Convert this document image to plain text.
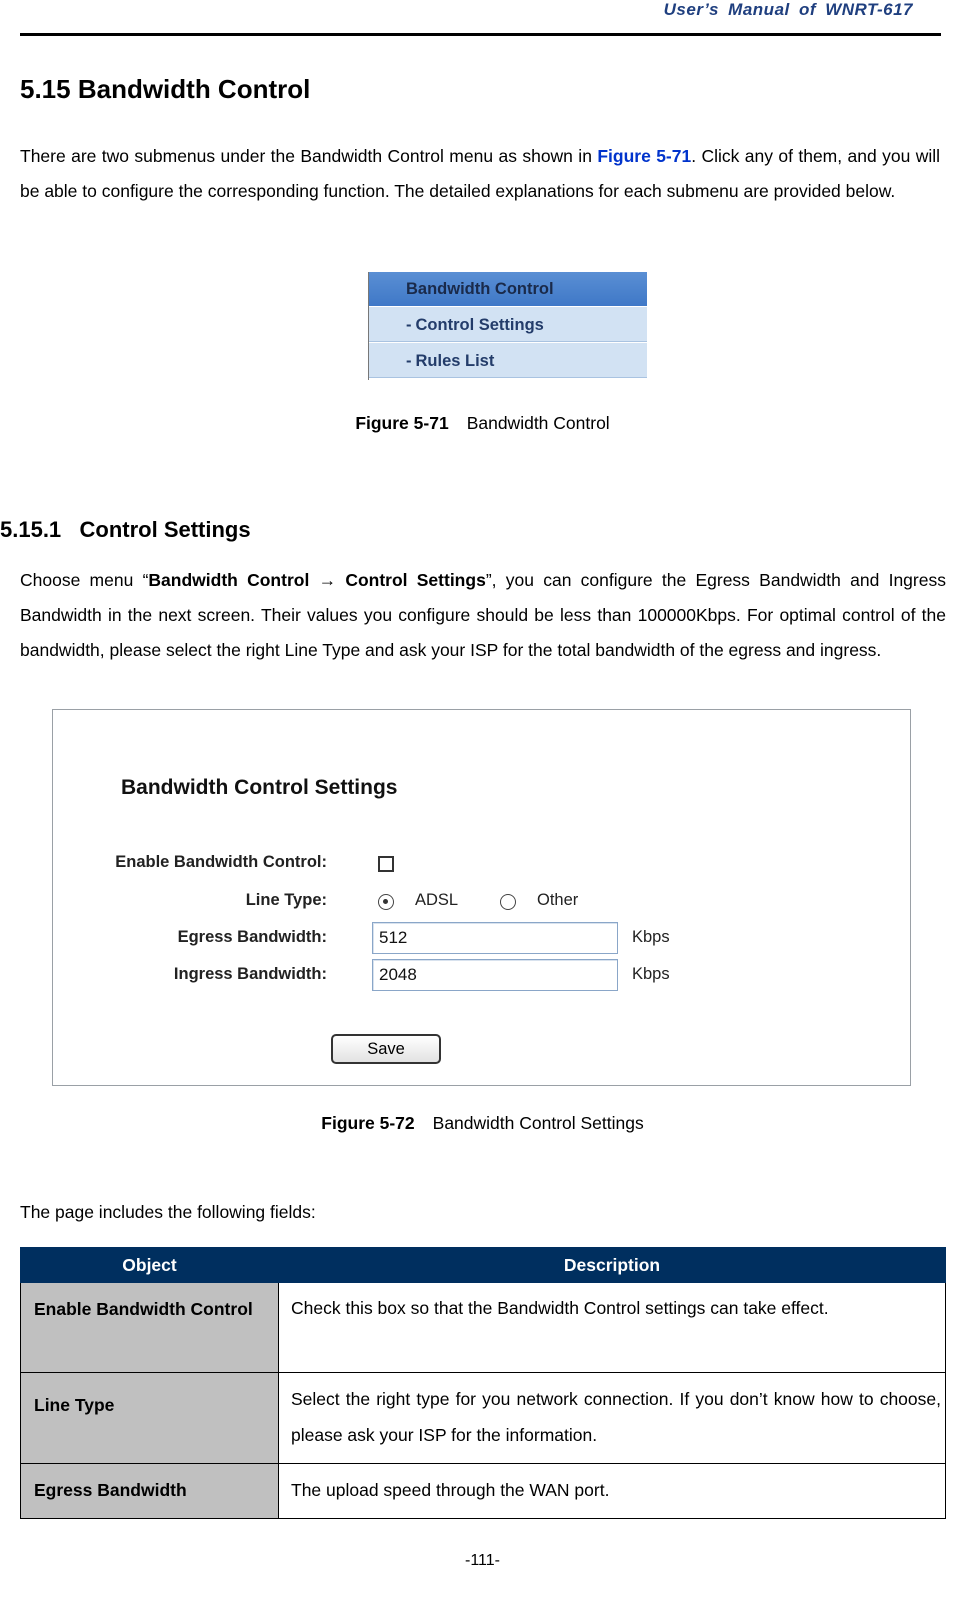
User’s Manual of WNRT-617
5.15 Bandwidth Control
There are two submenus under the Bandwidth Control menu as shown in Figure 5-71. Click any of them, and you will be able to configure the corresponding function. The detailed explanations for each submenu are provided below.
Bandwidth Control
- Control Settings
- Rules List
Figure 5-71 Bandwidth Control
5.15.1   Control Settings
Choose menu “Bandwidth Control → Control Settings”, you can configure the Egress Bandwidth and Ingress Bandwidth in the next screen. Their values you configure should be less than 100000Kbps. For optimal control of the bandwidth, please select the right Line Type and ask your ISP for the total bandwidth of the egress and ingress.
Bandwidth Control Settings
Enable Bandwidth Control:
Line Type:	ADSL	Other
Egress Bandwidth:
512	Kbps
Ingress Bandwidth:
2048	Kbps
Save
Figure 5-72 Bandwidth Control Settings
The page includes the following fields:
Object	Description
Enable Bandwidth Control	Check this box so that the Bandwidth Control settings can take effect.
Line Type	Select the right type for you network connection. If you don’t know how to choose, please ask your ISP for the information.
Egress Bandwidth	The upload speed through the WAN port.
-111-
